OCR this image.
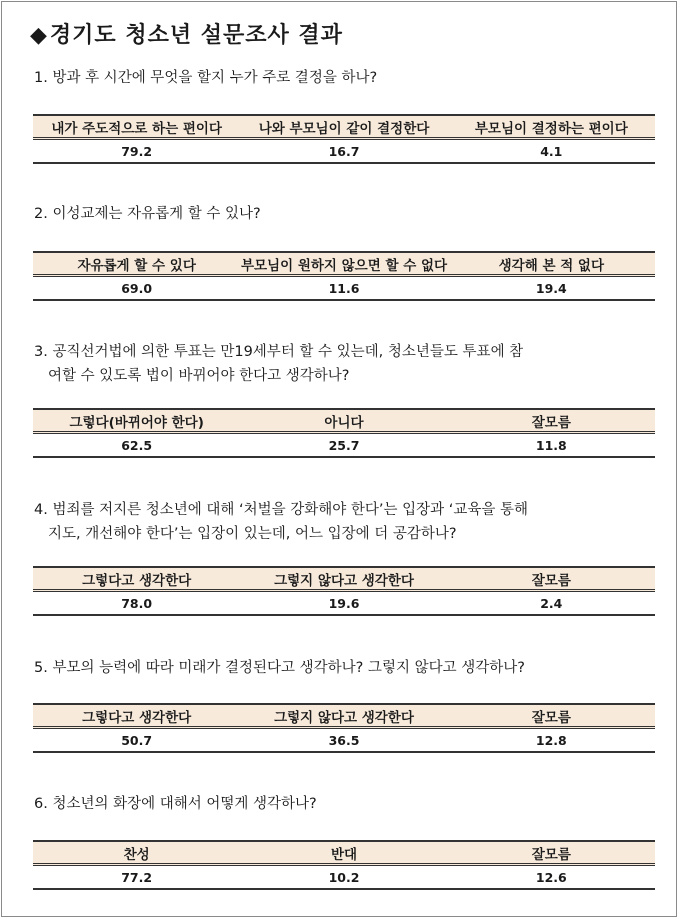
◆경기도 청소년 설문조사 결과
1. 방과 후 시간에 무엇을 할지 누가 주로 결정을 하나?
내가 주도적으로 하는 편이다	나와 부모님이 같이 결정한다	부모님이 결정하는 편이다
79.2	16.7	4.1
2. 이성교제는 자유롭게 할 수 있나?
자유롭게 할 수 있다	부모님이 원하지 않으면 할 수 없다	생각해 본 적 없다
69.0	11.6	19.4
3. 공직선거법에 의한 투표는 만19세부터 할 수 있는데, 청소년들도 투표에 참
여할 수 있도록 법이 바뀌어야 한다고 생각하나?
그렇다(바뀌어야 한다)	아니다	잘모름
62.5	25.7	11.8
4. 범죄를 저지른 청소년에 대해 ‘처벌을 강화해야 한다’는 입장과 ‘교육을 통해
지도, 개선해야 한다’는 입장이 있는데, 어느 입장에 더 공감하나?
그렇다고 생각한다	그렇지 않다고 생각한다	잘모름
78.0	19.6	2.4
5. 부모의 능력에 따라 미래가 결정된다고 생각하나? 그렇지 않다고 생각하나?
그렇다고 생각한다	그렇지 않다고 생각한다	잘모름
50.7	36.5	12.8
6. 청소년의 화장에 대해서 어떻게 생각하나?
찬성	반대	잘모름
77.2	10.2	12.6
